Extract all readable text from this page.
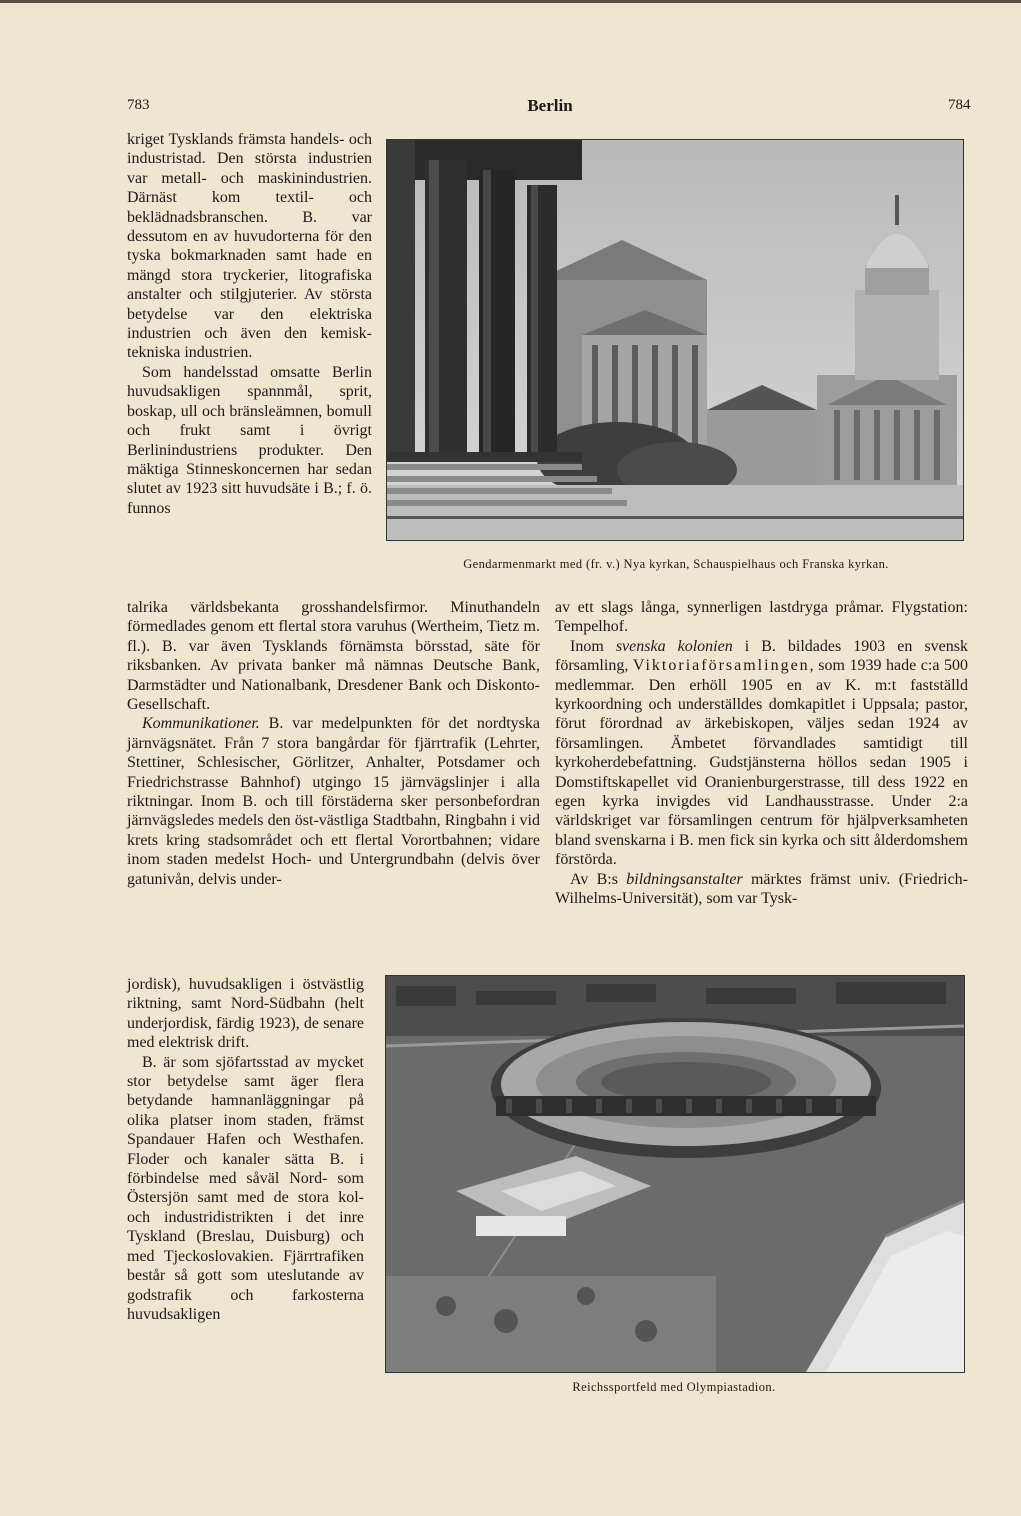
783	Berlin	784

kriget Tysklands främsta handels- och industristad. Den största industrien var metall- och maskinindustrien. Därnäst kom textil- och beklädnadsbranschen. B. var dessutom en av huvudorterna för den tyska bokmarknaden samt hade en mängd stora tryckerier, litografiska anstalter och stilgjuterier. Av största betydelse var den elektriska industrien och även den kemisk-tekniska industrien.

Som handelsstad omsatte Berlin huvudsakligen spannmål, sprit, boskap, ull och bränsleämnen, bomull och frukt samt i övrigt Berlinindustriens produkter. Den mäktiga Stinneskoncernen har sedan slutet av 1923 sitt huvudsäte i B.; f. ö. funnos

Gendarmenmarkt med (fr. v.) Nya kyrkan, Schauspielhaus och Franska kyrkan.

talrika världsbekanta grosshandelsfirmor. Minuthandeln förmedlades genom ett flertal stora varuhus (Wertheim, Tietz m. fl.). B. var även Tysklands förnämsta börsstad, säte för riksbanken. Av privata banker må nämnas Deutsche Bank, Darmstädter und Nationalbank, Dresdener Bank och Diskonto-Gesellschaft.

Kommunikationer. B. var medelpunkten för det nordtyska järnvägsnätet. Från 7 stora bangårdar för fjärrtrafik (Lehrter, Stettiner, Schlesischer, Görlitzer, Anhalter, Potsdamer och Friedrichstrasse Bahnhof) utgingo 15 järnvägslinjer i alla riktningar. Inom B. och till förstäderna sker personbefordran järnvägsledes medels den öst-västliga Stadtbahn, Ringbahn i vid krets kring stadsområdet och ett flertal Vorortbahnen; vidare inom staden medelst Hoch- und Untergrundbahn (delvis över gatunivån, delvis under-

av ett slags långa, synnerligen lastdryga pråmar. Flygstation: Tempelhof.

Inom svenska kolonien i B. bildades 1903 en svensk församling, Viktoriaförsamlingen, som 1939 hade c:a 500 medlemmar. Den erhöll 1905 en av K. m:t fastställd kyrkoordning och underställdes domkapitlet i Uppsala; pastor, förut förordnad av ärkebiskopen, väljes sedan 1924 av församlingen. Ämbetet förvandlades samtidigt till kyrkoherdebefattning. Gudstjänsterna höllos sedan 1905 i Domstiftskapellet vid Oranienburgerstrasse, till dess 1922 en egen kyrka invigdes vid Landhausstrasse. Under 2:a världskriget var församlingen centrum för hjälpverksamheten bland svenskarna i B. men fick sin kyrka och sitt ålderdomshem förstörda.

Av B:s bildningsanstalter märktes främst univ. (Friedrich-Wilhelms-Universität), som var Tysk-

jordisk), huvudsakligen i östvästlig riktning, samt Nord-Südbahn (helt underjordisk, färdig 1923), de senare med elektrisk drift.

B. är som sjöfartsstad av mycket stor betydelse samt äger flera betydande hamnanläggningar på olika platser inom staden, främst Spandauer Hafen och Westhafen. Floder och kanaler sätta B. i förbindelse med såväl Nord- som Östersjön samt med de stora kol- och industridistrikten i det inre Tyskland (Breslau, Duisburg) och med Tjeckoslovakien. Fjärrtrafiken består så gott som uteslutande av godstrafik och farkosterna huvudsakligen

Reichssportfeld med Olympiastadion.
